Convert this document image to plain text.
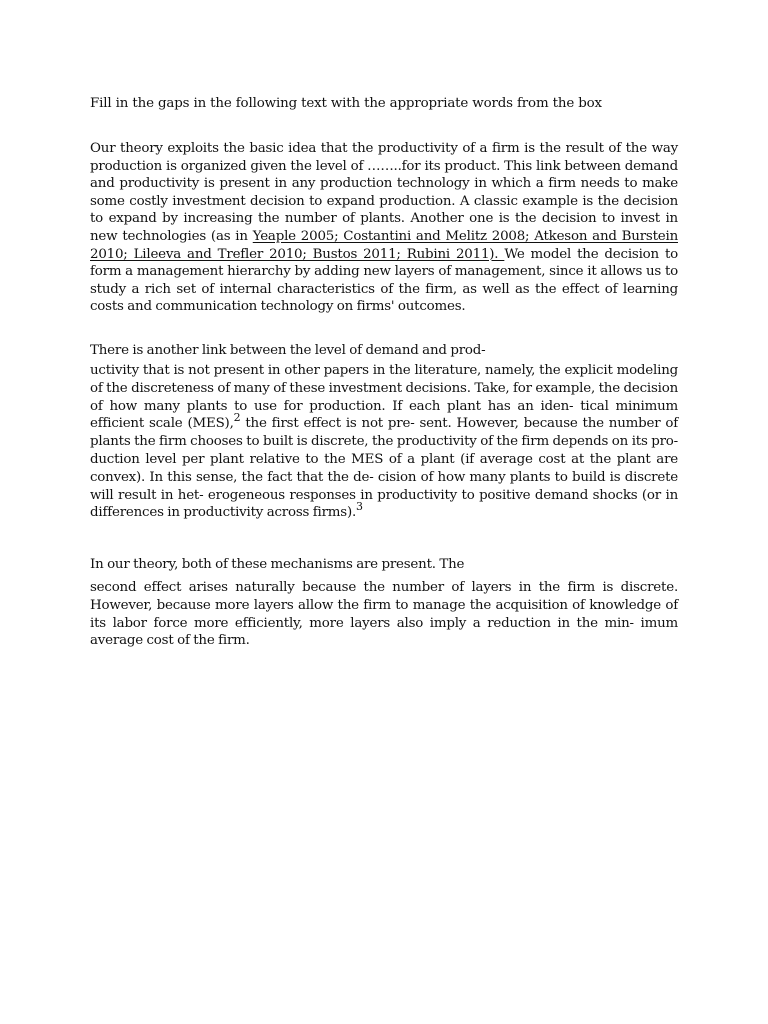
Fill in the gaps in the following text with the appropriate words from the box
Our theory exploits the basic idea that the productivity of a firm is the result of the way production is organized given the level of ……..for its product. This link between demand and productivity is present in any production technology in which a firm needs to make some costly investment decision to expand production. A classic example is the decision to expand by increasing the number of plants. Another one is the decision to invest in new technologies (as in Yeaple 2005; Costantini and Melitz 2008; Atkeson and Burstein 2010; Lileeva and Trefler 2010; Bustos 2011; Rubini 2011). We model the decision to form a management hierarchy by adding new layers of management, since it allows us to study a rich set of internal characteristics of the firm, as well as the effect of learning costs and communication technology on firms' outcomes.
There is another link between the level of demand and prod-
uctivity that is not present in other papers in the literature, namely, the explicit modeling of the discreteness of many of these investment decisions. Take, for example, the decision of how many plants to use for production. If each plant has an iden- tical minimum efficient scale (MES),$^2$ the first effect is not pre- sent. However, because the number of plants the firm chooses to built is discrete, the productivity of the firm depends on its pro- duction level per plant relative to the MES of a plant (if average cost at the plant are convex). In this sense, the fact that the de- cision of how many plants to build is discrete will result in het- erogeneous responses in productivity to positive demand shocks (or in differences in productivity across firms).$^3$
In our theory, both of these mechanisms are present. The
second effect arises naturally because the number of layers in the firm is discrete. However, because more layers allow the firm to manage the acquisition of knowledge of its labor force more efficiently, more layers also imply a reduction in the min- imum average cost of the firm.
